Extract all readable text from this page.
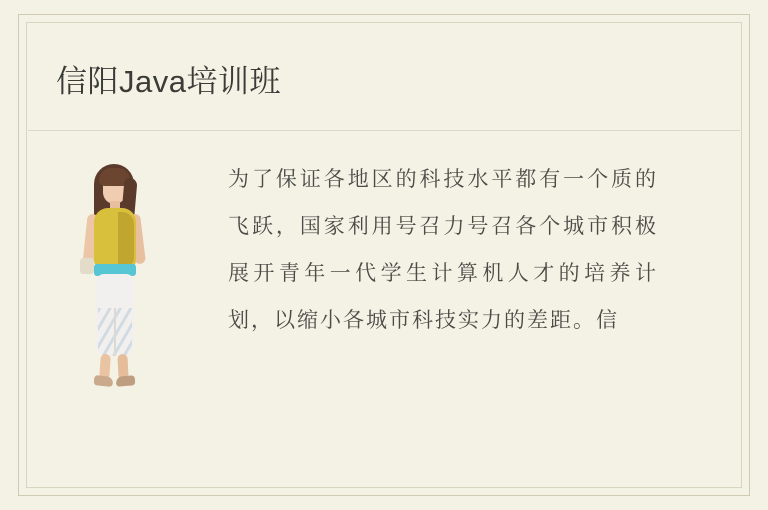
信阳Java培训班
为了保证各地区的科技水平都有一个质的飞跃，国家利用号召力号召各个城市积极展开青年一代学生计算机人才的培养计划，以缩小各城市科技实力的差距。信
